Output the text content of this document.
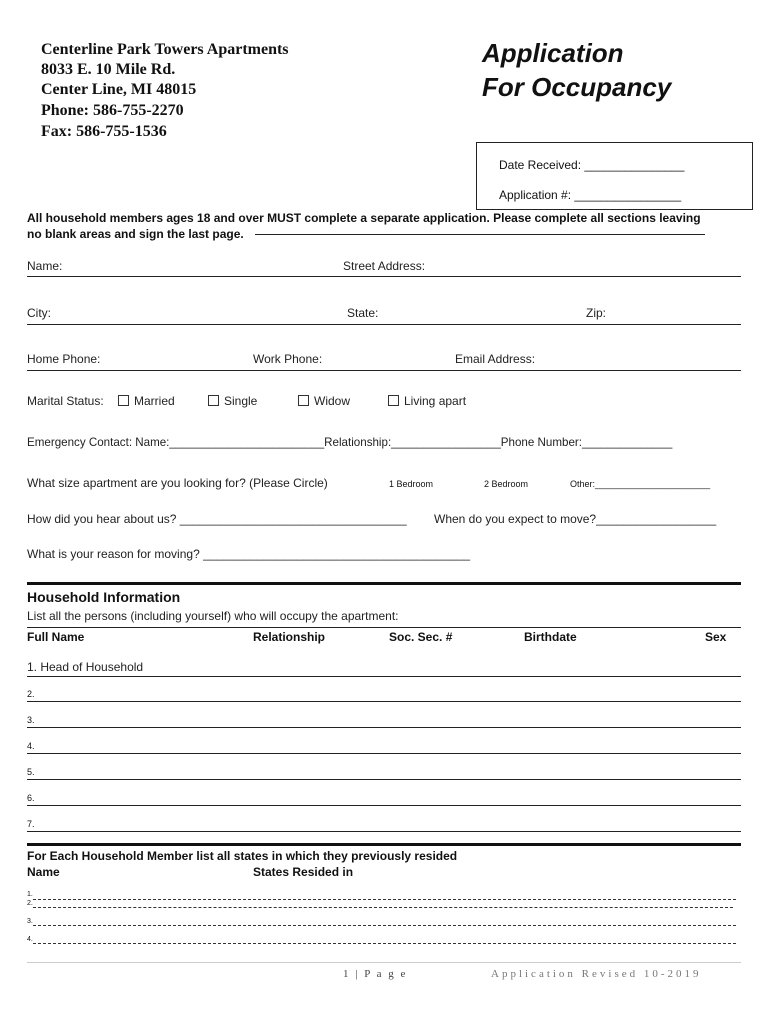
Centerline Park Towers Apartments
8033 E. 10 Mile Rd.
Center Line, MI 48015
Phone: 586-755-2270
Fax: 586-755-1536
Application
For Occupancy
Date Received: _______________
Application #: ________________
All household members ages 18 and over MUST complete a separate application. Please complete all sections leaving
no blank areas and sign the last page.
Name:	Street Address:
City:	State:	Zip:
Home Phone:	Work Phone:	Email Address:
Marital Status:	Married	Single	Widow	Living apart
Emergency Contact: Name:________________________Relationship:_________________Phone Number:______________
What size apartment are you looking for? (Please Circle)	1 Bedroom	2 Bedroom	Other:_______________________
How did you hear about us? __________________________________ When do you expect to move?__________________
What is your reason for moving? ________________________________________
Household Information
List all the persons (including yourself) who will occupy the apartment:
Full Name	Relationship	Soc. Sec. #	Birthdate	Sex
1. Head of Household
2.
3.
4.
5.
6.
7.
For Each Household Member list all states in which they previously resided
Name	States Resided in
1.
2.
3.
4.
1 | P a g e	Application Revised 10-2019
